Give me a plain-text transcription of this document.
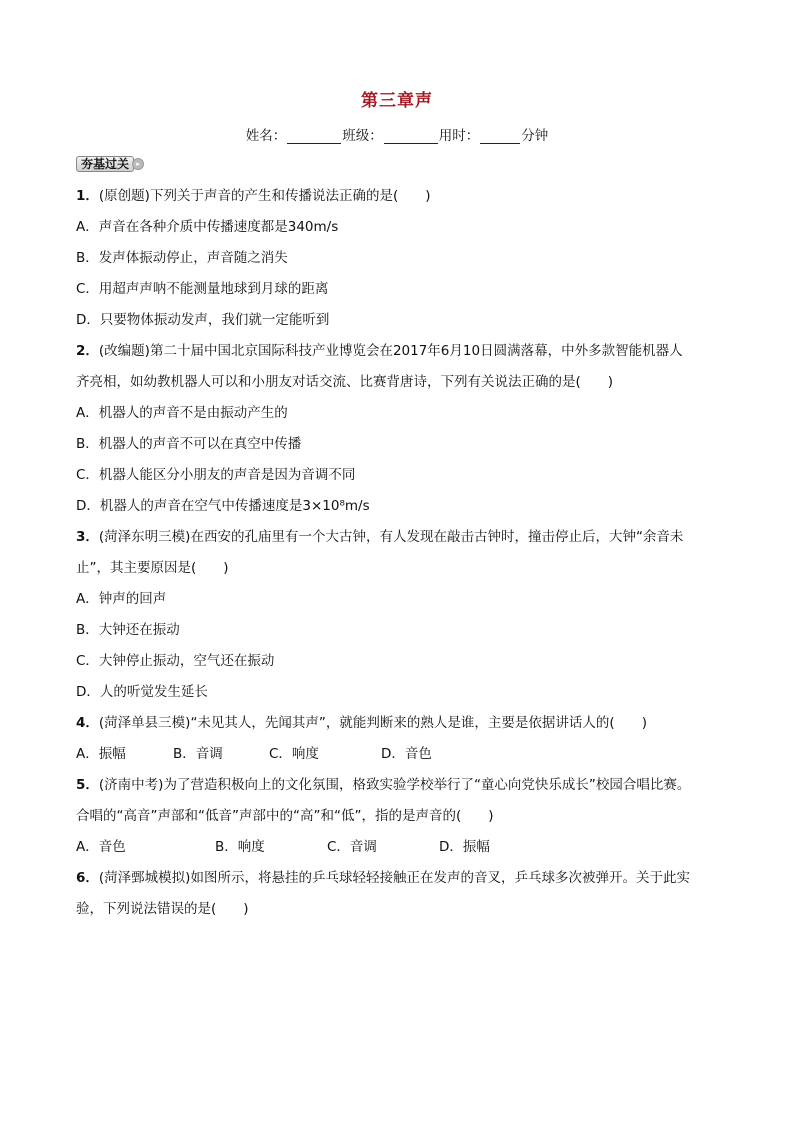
第三章声
姓名：	班级：	用时：	分钟
夯基过关	▸
1．(原创题)下列关于声音的产生和传播说法正确的是(　　)
A．声音在各种介质中传播速度都是340m/s
B．发声体振动停止，声音随之消失
C．用超声声呐不能测量地球到月球的距离
D．只要物体振动发声，我们就一定能听到
2．(改编题)第二十届中国北京国际科技产业博览会在2017年6月10日圆满落幕，中外多款智能机器人
齐亮相，如幼教机器人可以和小朋友对话交流、比赛背唐诗，下列有关说法正确的是(　　)
A．机器人的声音不是由振动产生的
B．机器人的声音不可以在真空中传播
C．机器人能区分小朋友的声音是因为音调不同
D．机器人的声音在空气中传播速度是3×10⁸m/s
3．(菏泽东明三模)在西安的孔庙里有一个大古钟，有人发现在敲击古钟时，撞击停止后，大钟“余音未
止”，其主要原因是(　　)
A．钟声的回声
B．大钟还在振动
C．大钟停止振动，空气还在振动
D．人的听觉发生延长
4．(菏泽单县三模)“未见其人，先闻其声”，就能判断来的熟人是谁，主要是依据讲话人的(　　)
A．振幅	B．音调	C．响度	D．音色
5．(济南中考)为了营造积极向上的文化氛围，格致实验学校举行了“童心向党快乐成长”校园合唱比赛。
合唱的“高音”声部和“低音”声部中的“高”和“低”，指的是声音的(　　)
A．音色	B．响度	C．音调	D．振幅
6．(菏泽鄄城模拟)如图所示，将悬挂的乒乓球轻轻接触正在发声的音叉，乒乓球多次被弹开。关于此实
验，下列说法错误的是(　　)
